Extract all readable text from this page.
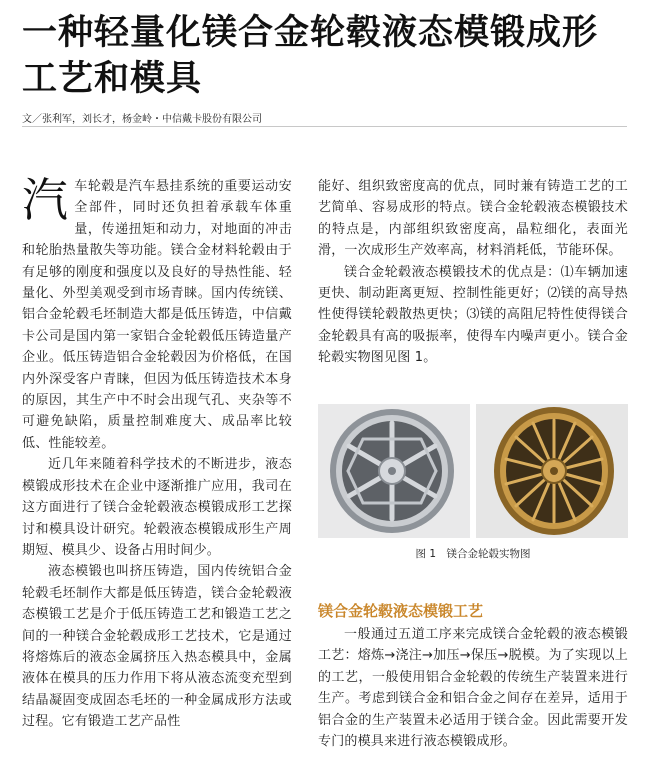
一种轻量化镁合金轮毂液态模锻成形工艺和模具
文／张利军，刘长才，杨金岭・中信戴卡股份有限公司

汽车轮毂是汽车悬挂系统的重要运动安全部件，同时还负担着承载车体重量，传递扭矩和动力，对地面的冲击和轮胎热量散失等功能。镁合金材料轮毂由于有足够的刚度和强度以及良好的导热性能、轻量化、外型美观受到市场青睐。国内传统镁、铝合金轮毂毛坯制造大都是低压铸造，中信戴卡公司是国内第一家铝合金轮毂低压铸造量产企业。低压铸造铝合金轮毂因为价格低，在国内外深受客户青睐，但因为低压铸造技术本身的原因，其生产中不时会出现气孔、夹杂等不可避免缺陷，质量控制难度大、成品率比较低、性能较差。

近几年来随着科学技术的不断进步，液态模锻成形技术在企业中逐渐推广应用，我司在这方面进行了镁合金轮毂液态模锻成形工艺探讨和模具设计研究。轮毂液态模锻成形生产周期短、模具少、设备占用时间少。

液态模锻也叫挤压铸造，国内传统铝合金轮毂毛坯制作大都是低压铸造，镁合金轮毂液态模锻工艺是介于低压铸造工艺和锻造工艺之间的一种镁合金轮毂成形工艺技术，它是通过将熔炼后的液态金属挤压入热态模具中，金属液体在模具的压力作用下将从液态流变充型到结晶凝固变成固态毛坯的一种金属成形方法或过程。它有锻造工艺产品性

能好、组织致密度高的优点，同时兼有铸造工艺的工艺简单、容易成形的特点。镁合金轮毂液态模锻技术的特点是，内部组织致密度高，晶粒细化，表面光滑，一次成形生产效率高，材料消耗低，节能环保。

镁合金轮毂液态模锻技术的优点是：⑴车辆加速更快、制动距离更短、控制性能更好；⑵镁的高导热性使得镁轮毂散热更快；⑶镁的高阻尼特性使得镁合金轮毂具有高的吸振率，使得车内噪声更小。镁合金轮毂实物图见图 1。

图 1　镁合金轮毂实物图
镁合金轮毂液态模锻工艺

一般通过五道工序来完成镁合金轮毂的液态模锻工艺：熔炼→浇注→加压→保压→脱模。为了实现以上的工艺，一般使用铝合金轮毂的传统生产装置来进行生产。考虑到镁合金和铝合金之间存在差异，适用于铝合金的生产装置未必适用于镁合金。因此需要开发专门的模具来进行液态模锻成形。
